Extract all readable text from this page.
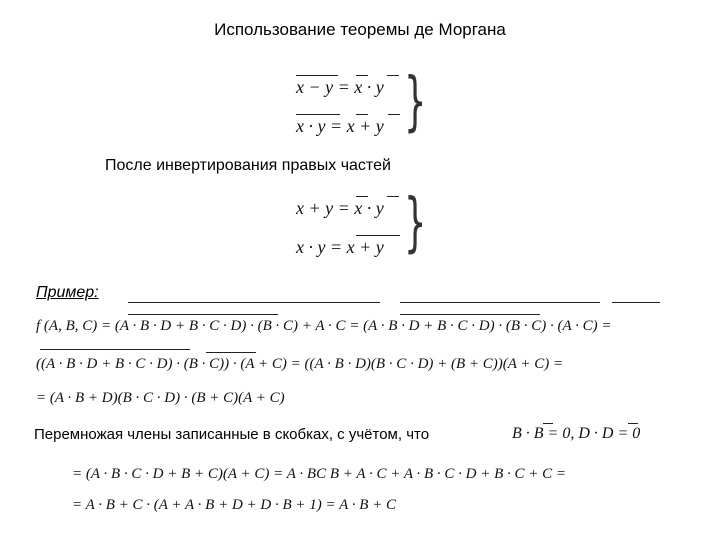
Использование теоремы де Моргана
x − y = x · y
x · y = x + y }
После инвертирования правых частей
x + y = x · y
x · y = x + y }
Пример:
f (A, B, C) = (A · B · D + B · C · D) · (B · C) + A · C = (A · B · D + B · C · D) · (B · C) · (A · C) =
((A · B · D + B · C · D) · (B · C)) · (A + C) = ((A · B · D)(B · C · D) + (B + C))(A + C) =
= (A · B + D)(B · C · D) · (B + C)(A + C)
Перемножая члены записанные в скобках, с учётом, что	B · B = 0, D · D = 0
= (A · B · C · D + B + C)(A + C) = A · BC B + A · C + A · B · C · D + B · C + C =
= A · B + C · (A + A · B + D + D · B + 1) = A · B + C
